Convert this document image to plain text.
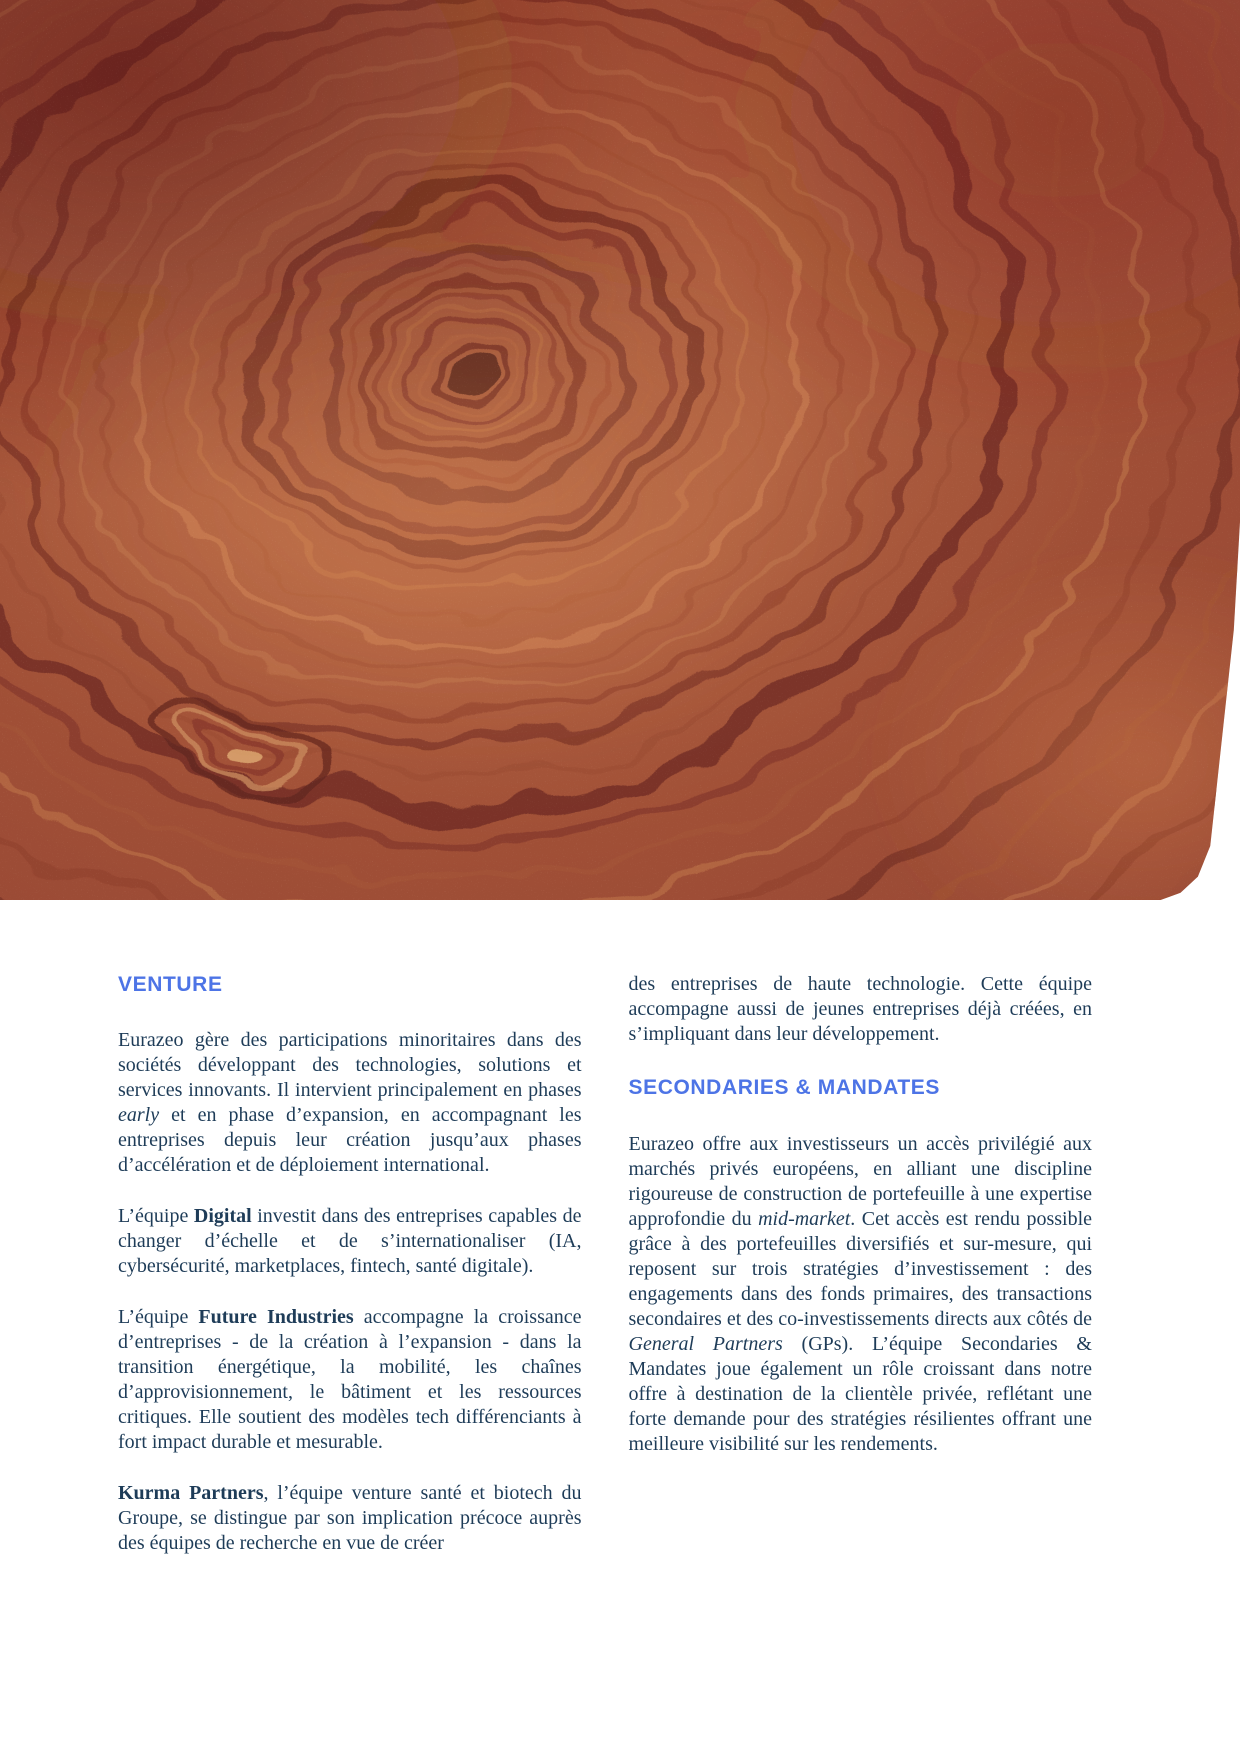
VENTURE

Eurazeo gère des participations minoritaires dans des sociétés développant des technologies, solutions et services innovants. Il intervient principalement en phases early et en phase d’expansion, en accompagnant les entreprises depuis leur création jusqu’aux phases d’accélération et de déploiement international.

L’équipe Digital investit dans des entreprises capables de changer d’échelle et de s’internationaliser (IA, cybersécurité, marketplaces, fintech, santé digitale).

L’équipe Future Industries accompagne la croissance d’entreprises - de la création à l’expansion - dans la transition énergétique, la mobilité, les chaînes d’approvisionnement, le bâtiment et les ressources critiques. Elle soutient des modèles tech différenciants à fort impact durable et mesurable.

Kurma Partners, l’équipe venture santé et biotech du Groupe, se distingue par son implication précoce auprès des équipes de recherche en vue de créer

des entreprises de haute technologie. Cette équipe accompagne aussi de jeunes entreprises déjà créées, en s’impliquant dans leur développement.

SECONDARIES & MANDATES

Eurazeo offre aux investisseurs un accès privilégié aux marchés privés européens, en alliant une discipline rigoureuse de construction de portefeuille à une expertise approfondie du mid-market. Cet accès est rendu possible grâce à des portefeuilles diversifiés et sur-mesure, qui reposent sur trois stratégies d’investissement : des engagements dans des fonds primaires, des transactions secondaires et des co-investissements directs aux côtés de General Partners (GPs). L’équipe Secondaries & Mandates joue également un rôle croissant dans notre offre à destination de la clientèle privée, reflétant une forte demande pour des stratégies résilientes offrant une meilleure visibilité sur les rendements.
